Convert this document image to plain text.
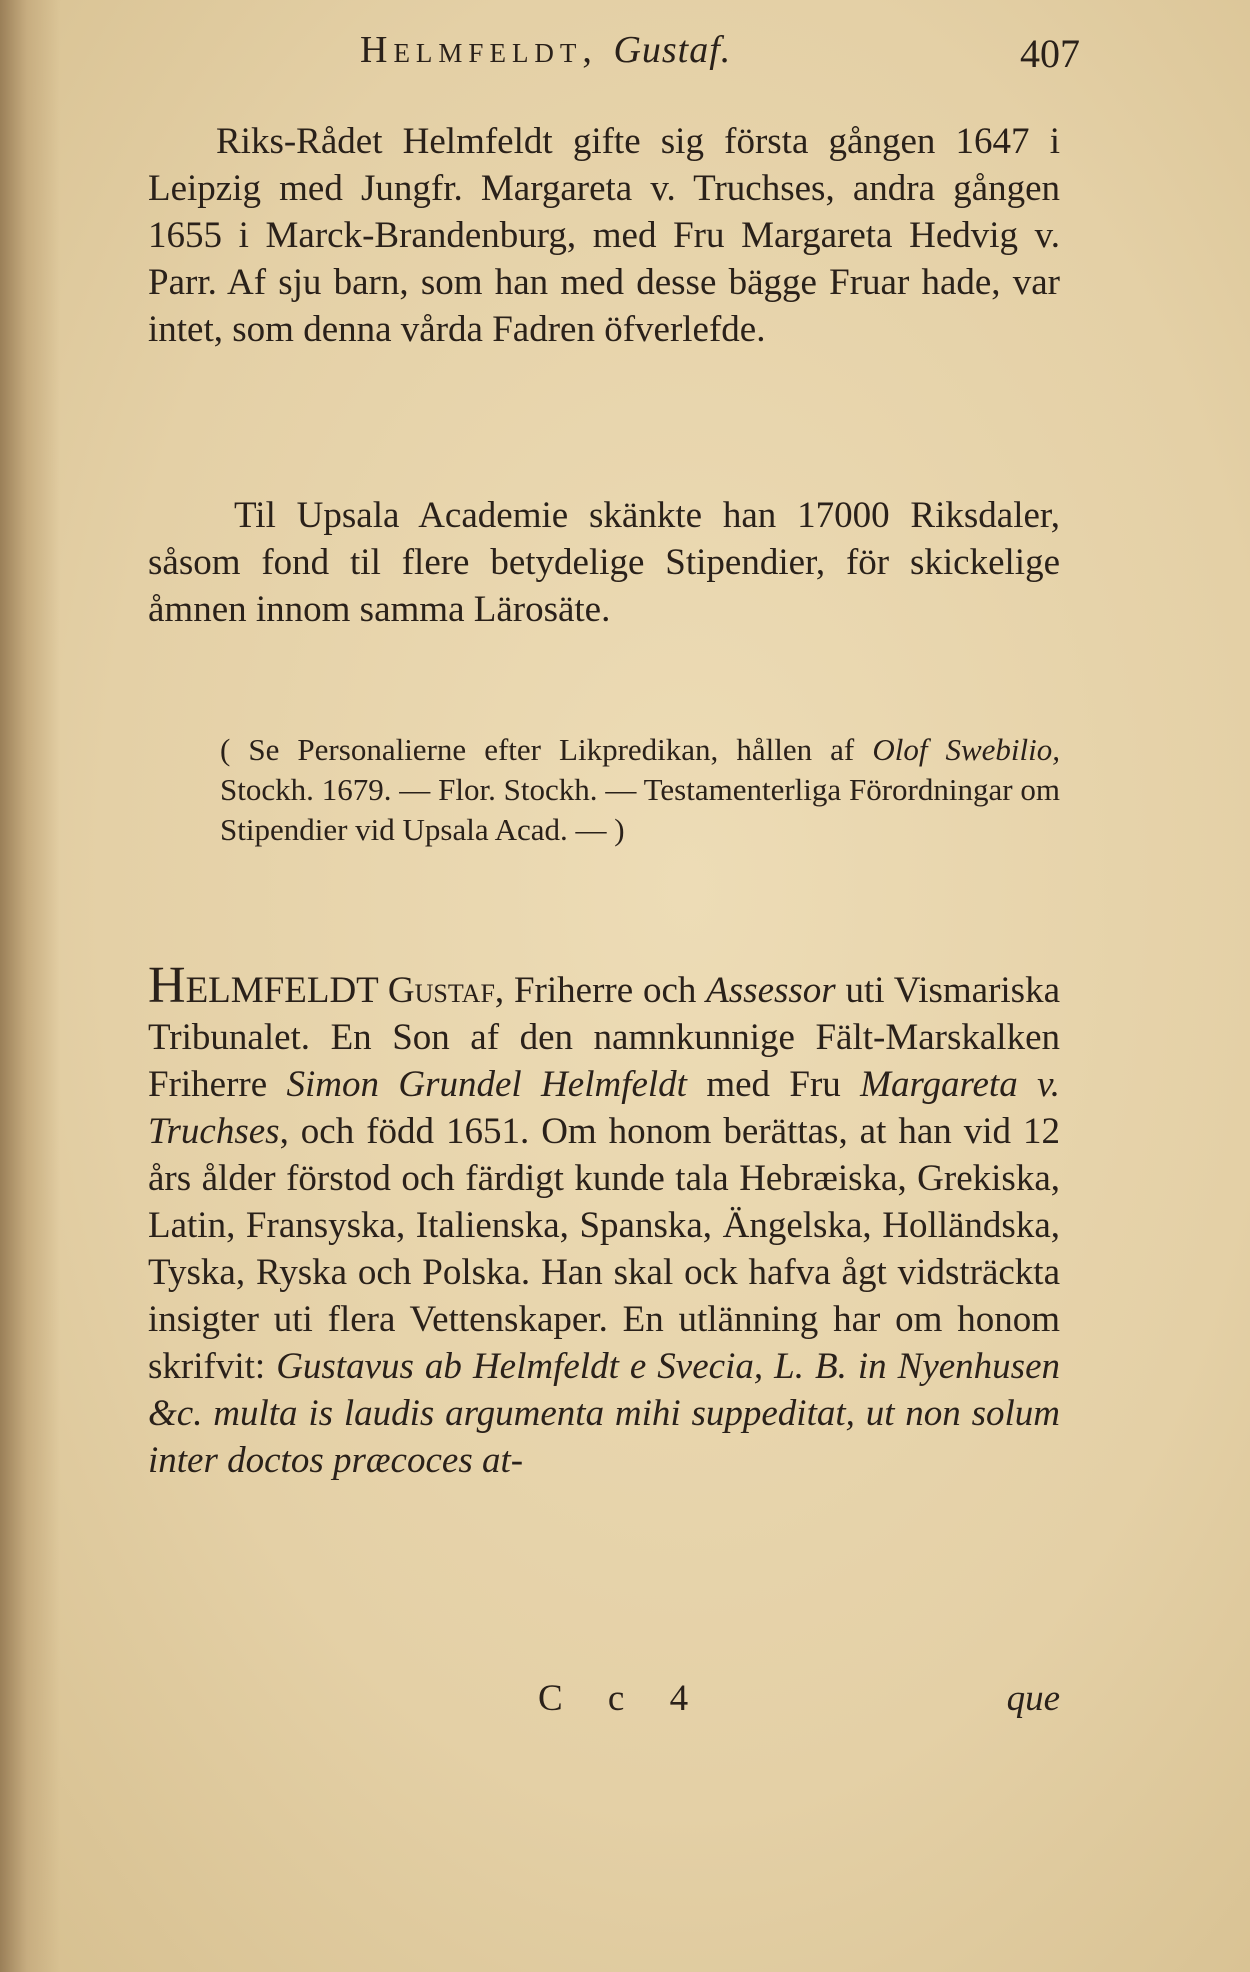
Helmfeldt, Gustaf.	407

Riks-Rådet Helmfeldt gifte sig första gången 1647 i Leipzig med Jungfr. Margareta v. Truchses, andra gången 1655 i Marck-Brandenburg, med Fru Margareta Hedvig v. Parr. Af sju barn, som han med desse bägge Fruar hade, var intet, som denna vårda Fadren öfverlefde.

Til Upsala Academie skänkte han 17000 Riksdaler, såsom fond til flere betydelige Stipendier, för skickelige åmnen innom samma Lärosäte.

( Se Personalierne efter Likpredikan, hållen af Olof Swebilio, Stockh. 1679. — Flor. Stockh. — Testamenterliga Förordningar om Stipendier vid Upsala Acad. — )

HELMFELDT Gustaf, Friherre och Assessor uti Vismariska Tribunalet. En Son af den namnkunnige Fält-Marskalken Friherre Simon Grundel Helmfeldt med Fru Margareta v. Truchses, och född 1651. Om honom berättas, at han vid 12 års ålder förstod och färdigt kunde tala Hebræiska, Grekiska, Latin, Fransyska, Italienska, Spanska, Ängelska, Holländska, Tyska, Ryska och Polska. Han skal ock hafva ågt vidsträckta insigter uti flera Vettenskaper. En utlänning har om honom skrifvit: Gustavus ab Helmfeldt e Svecia, L. B. in Nyenhusen &c. multa is laudis argumenta mihi suppeditat, ut non solum inter doctos præcoces at-

C c 4	que
